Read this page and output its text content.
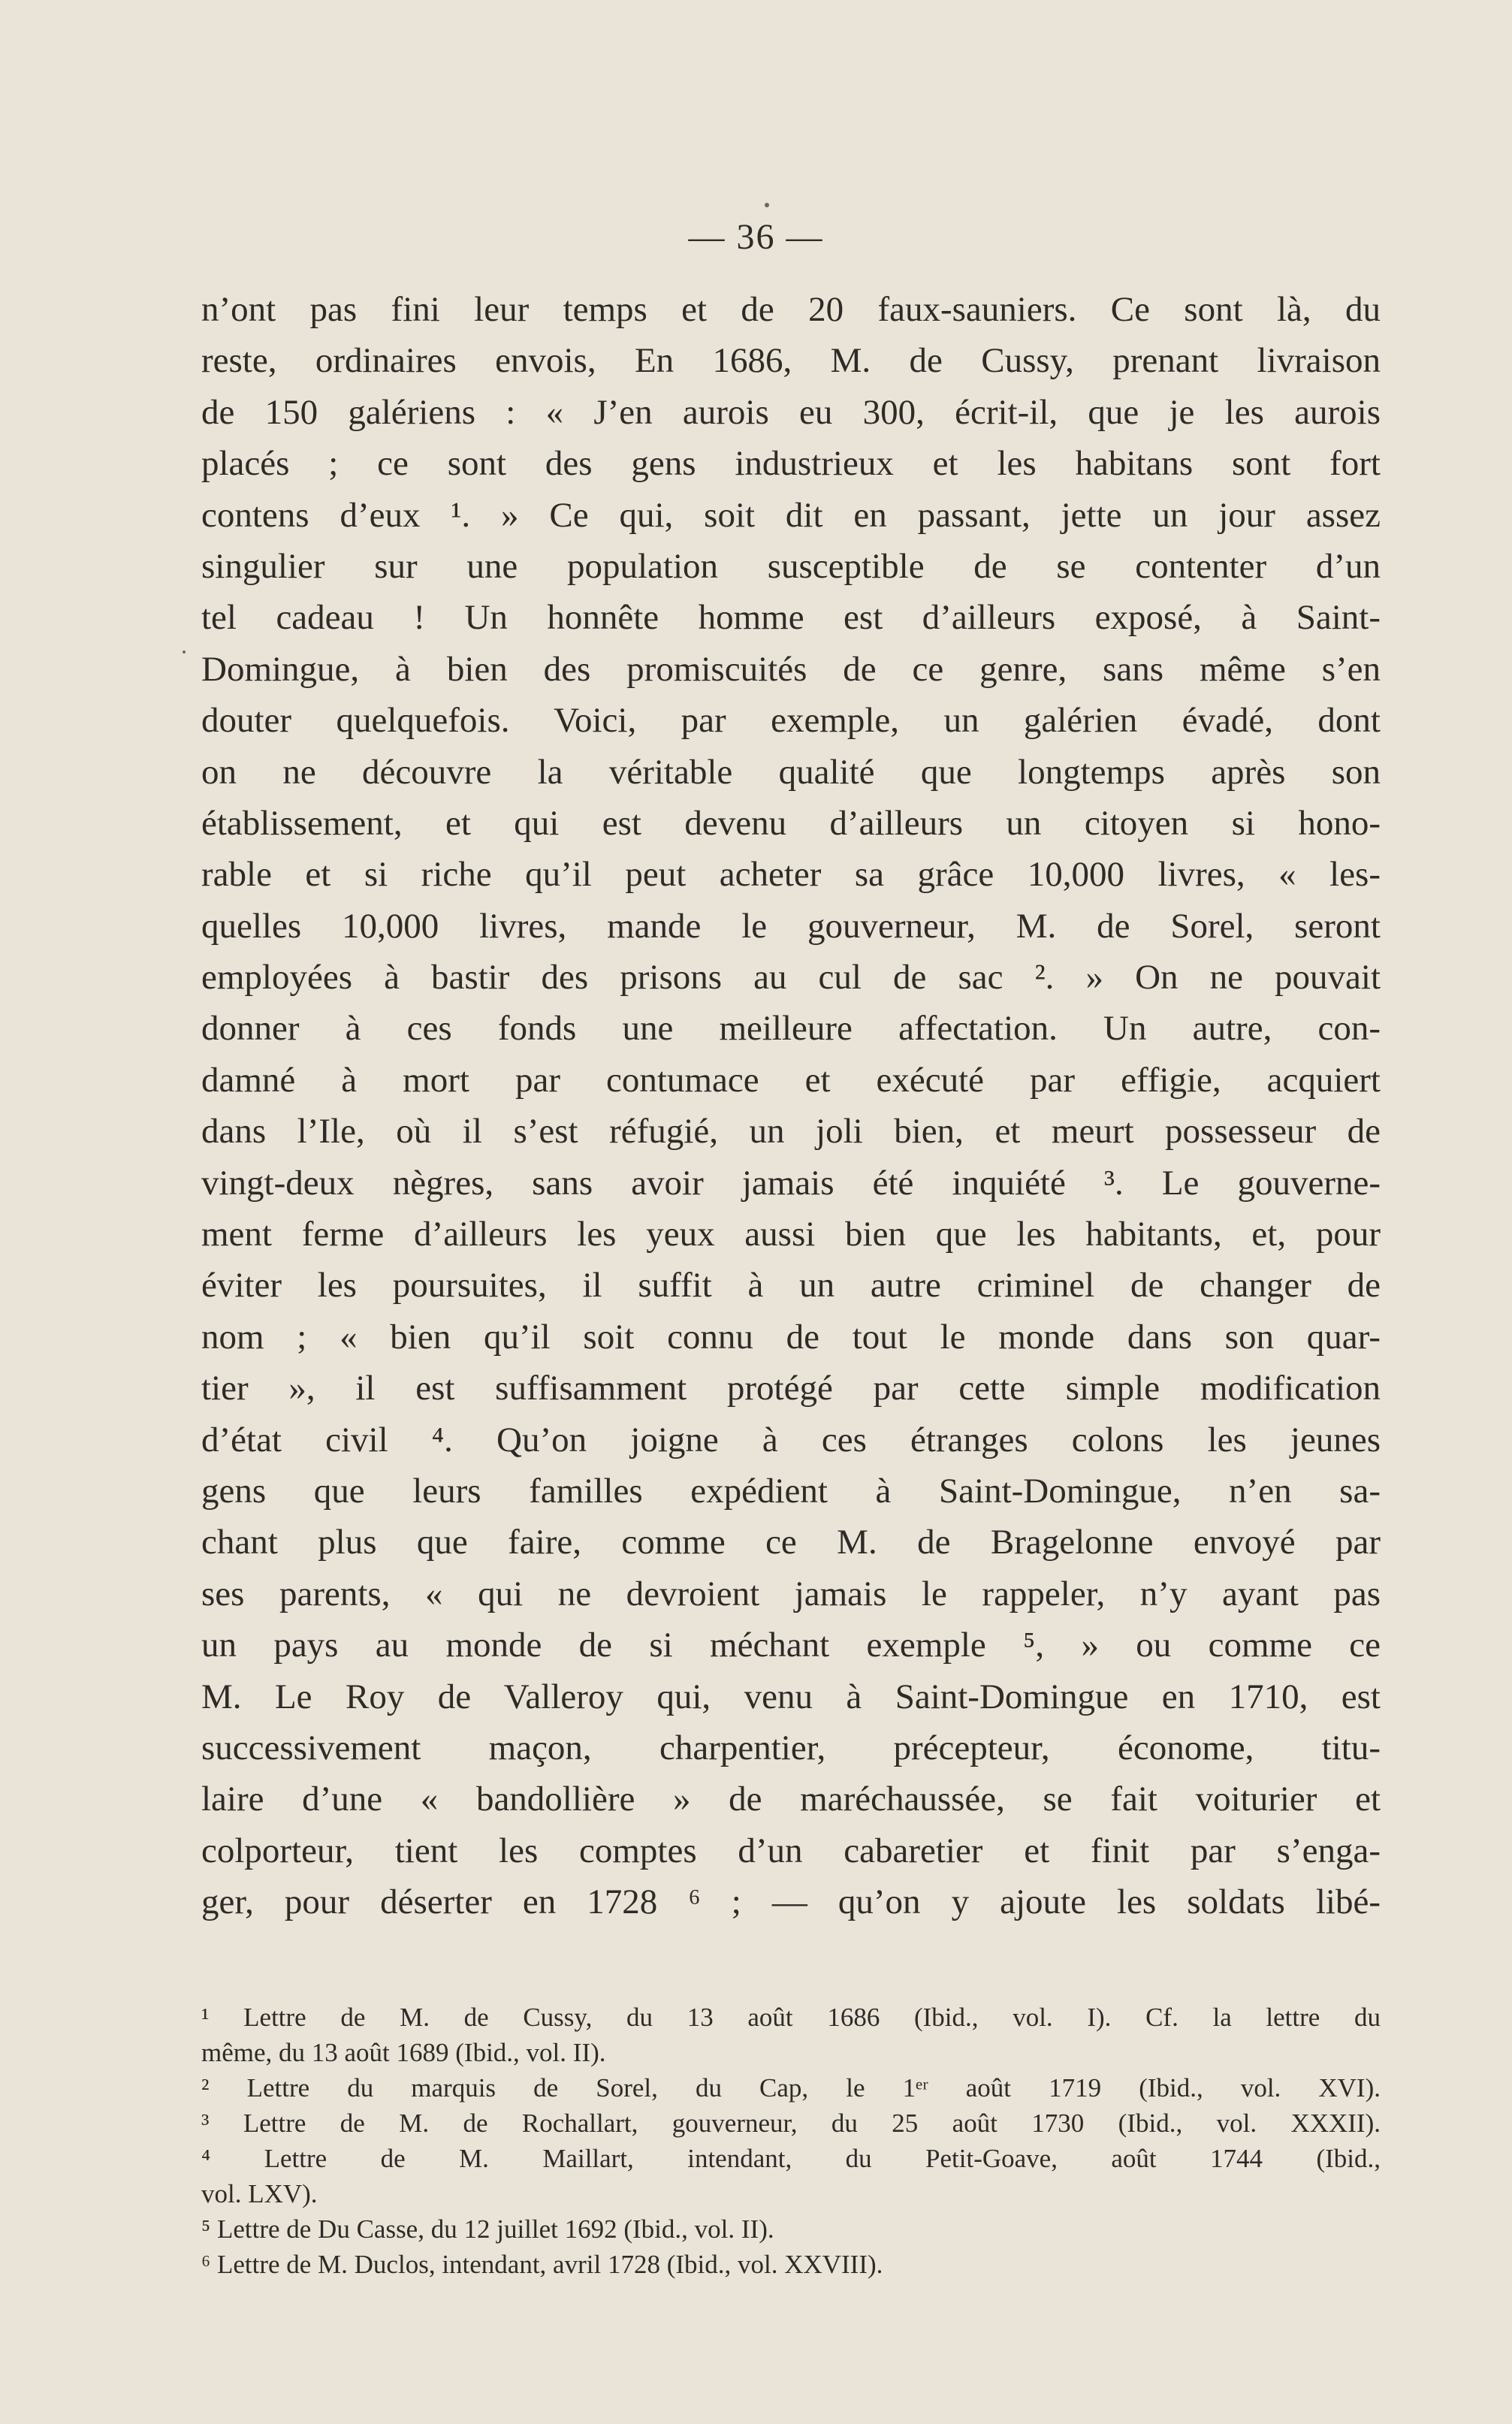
— 36 —
n’ont pas fini leur temps et de 20 faux-sauniers. Ce sont là, du
reste, ordinaires envois, En 1686, M. de Cussy, prenant livraison
de 150 galériens : « J’en aurois eu 300, écrit-il, que je les aurois
placés ; ce sont des gens industrieux et les habitans sont fort
contens d’eux ¹. » Ce qui, soit dit en passant, jette un jour assez
singulier sur une population susceptible de se contenter d’un
tel cadeau ! Un honnête homme est d’ailleurs exposé, à Saint-
Domingue, à bien des promiscuités de ce genre, sans même s’en
douter quelquefois. Voici, par exemple, un galérien évadé, dont
on ne découvre la véritable qualité que longtemps après son
établissement, et qui est devenu d’ailleurs un citoyen si hono-
rable et si riche qu’il peut acheter sa grâce 10,000 livres, « les-
quelles 10,000 livres, mande le gouverneur, M. de Sorel, seront
employées à bastir des prisons au cul de sac ². » On ne pouvait
donner à ces fonds une meilleure affectation. Un autre, con-
damné à mort par contumace et exécuté par effigie, acquiert
dans l’Ile, où il s’est réfugié, un joli bien, et meurt possesseur de
vingt-deux nègres, sans avoir jamais été inquiété ³. Le gouverne-
ment ferme d’ailleurs les yeux aussi bien que les habitants, et, pour
éviter les poursuites, il suffit à un autre criminel de changer de
nom ; « bien qu’il soit connu de tout le monde dans son quar-
tier », il est suffisamment protégé par cette simple modification
d’état civil ⁴. Qu’on joigne à ces étranges colons les jeunes
gens que leurs familles expédient à Saint-Domingue, n’en sa-
chant plus que faire, comme ce M. de Bragelonne envoyé par
ses parents, « qui ne devroient jamais le rappeler, n’y ayant pas
un pays au monde de si méchant exemple ⁵, » ou comme ce
M. Le Roy de Valleroy qui, venu à Saint-Domingue en 1710, est
successivement maçon, charpentier, précepteur, économe, titu-
laire d’une « bandollière » de maréchaussée, se fait voiturier et
colporteur, tient les comptes d’un cabaretier et finit par s’enga-
ger, pour déserter en 1728 ⁶ ; — qu’on y ajoute les soldats libé-
¹ Lettre de M. de Cussy, du 13 août 1686 (Ibid., vol. I). Cf. la lettre du
même, du 13 août 1689 (Ibid., vol. II).
² Lettre du marquis de Sorel, du Cap, le 1ᵉʳ août 1719 (Ibid., vol. XVI).
³ Lettre de M. de Rochallart, gouverneur, du 25 août 1730 (Ibid., vol. XXXII).
⁴ Lettre de M. Maillart, intendant, du Petit-Goave, août 1744 (Ibid.,
vol. LXV).
⁵ Lettre de Du Casse, du 12 juillet 1692 (Ibid., vol. II).
⁶ Lettre de M. Duclos, intendant, avril 1728 (Ibid., vol. XXVIII).
